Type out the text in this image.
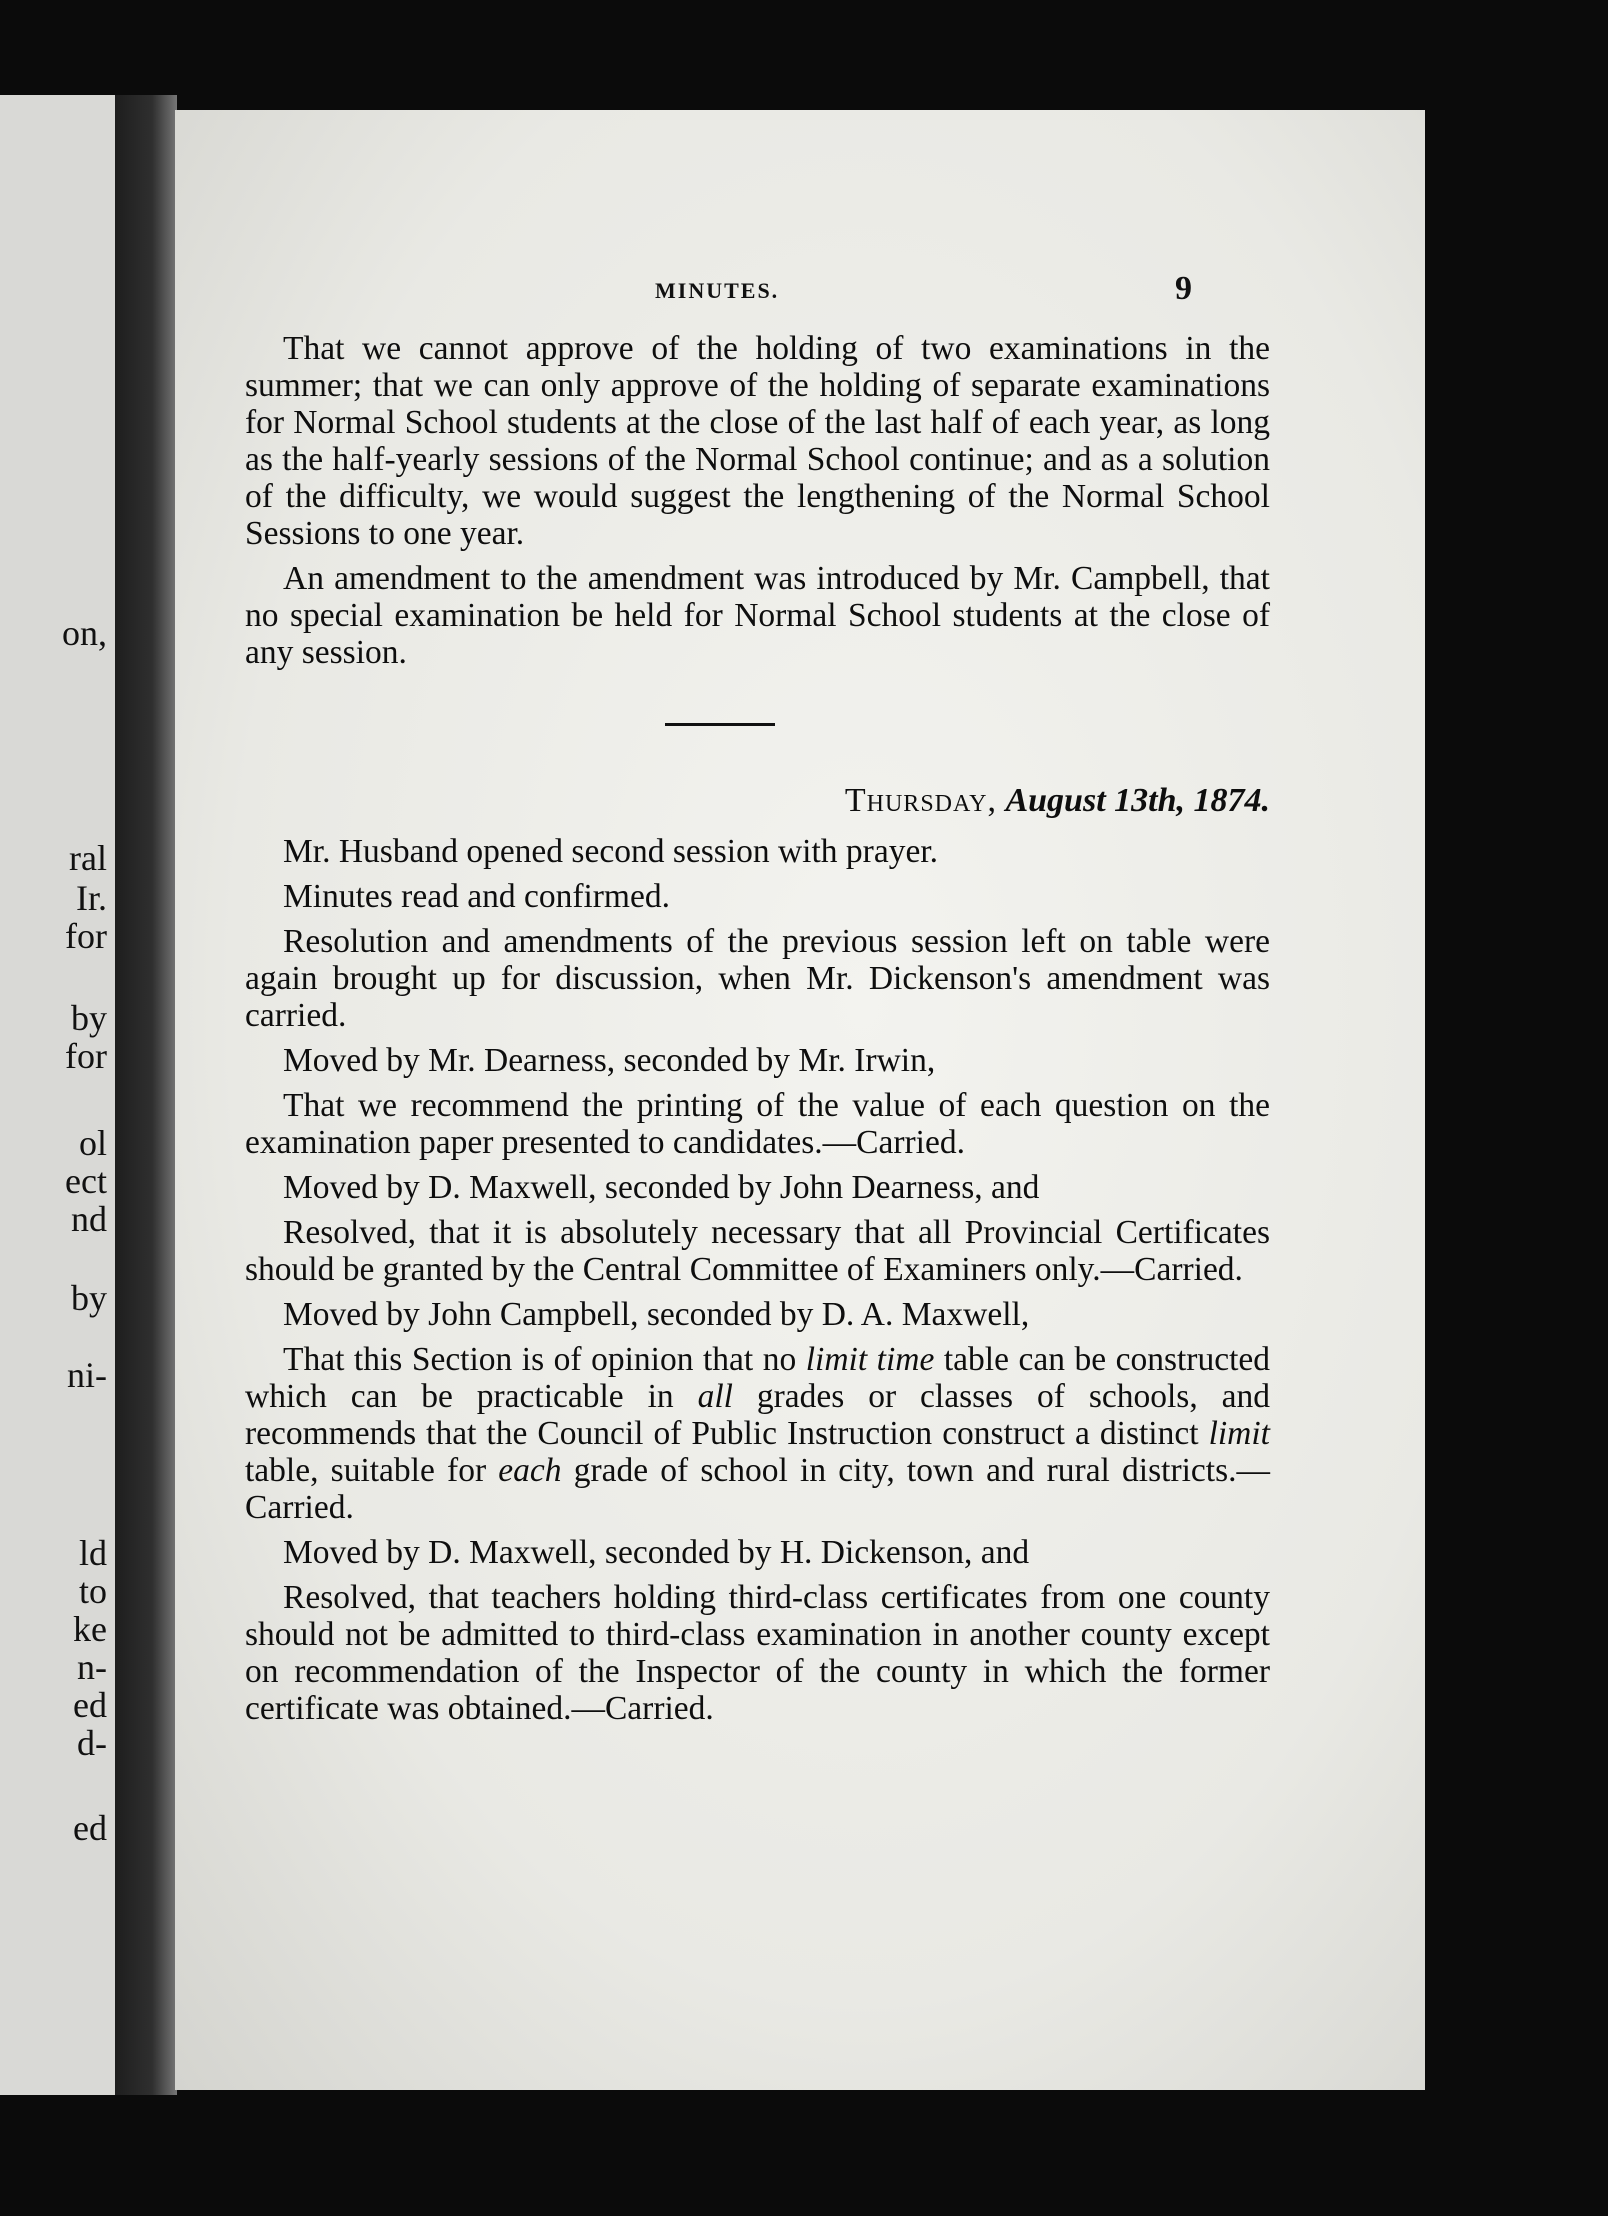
on,
ral
Ir.
for
by
for
ol
ect
nd
by
ni-
ld
to
ke
n-
ed
d-
ed
MINUTES.	9

That we cannot approve of the holding of two examinations in the summer; that we can only approve of the holding of separate examinations for Normal School students at the close of the last half of each year, as long as the half-yearly sessions of the Normal School continue; and as a solution of the difficulty, we would suggest the lengthening of the Normal School Sessions to one year.

An amendment to the amendment was introduced by Mr. Campbell, that no special examination be held for Normal School students at the close of any session.

Thursday, August 13th, 1874.

Mr. Husband opened second session with prayer.

Minutes read and confirmed.

Resolution and amendments of the previous session left on table were again brought up for discussion, when Mr. Dickenson's amendment was carried.

Moved by Mr. Dearness, seconded by Mr. Irwin,

That we recommend the printing of the value of each question on the examination paper presented to candidates.—Carried.

Moved by D. Maxwell, seconded by John Dearness, and

Resolved, that it is absolutely necessary that all Provincial Certificates should be granted by the Central Committee of Examiners only.—Carried.

Moved by John Campbell, seconded by D. A. Maxwell,

That this Section is of opinion that no limit time table can be constructed which can be practicable in all grades or classes of schools, and recommends that the Council of Public Instruction construct a distinct limit table, suitable for each grade of school in city, town and rural districts.—Carried.

Moved by D. Maxwell, seconded by H. Dickenson, and

Resolved, that teachers holding third-class certificates from one county should not be admitted to third-class examination in another county except on recommendation of the Inspector of the county in which the former certificate was obtained.—Carried.
